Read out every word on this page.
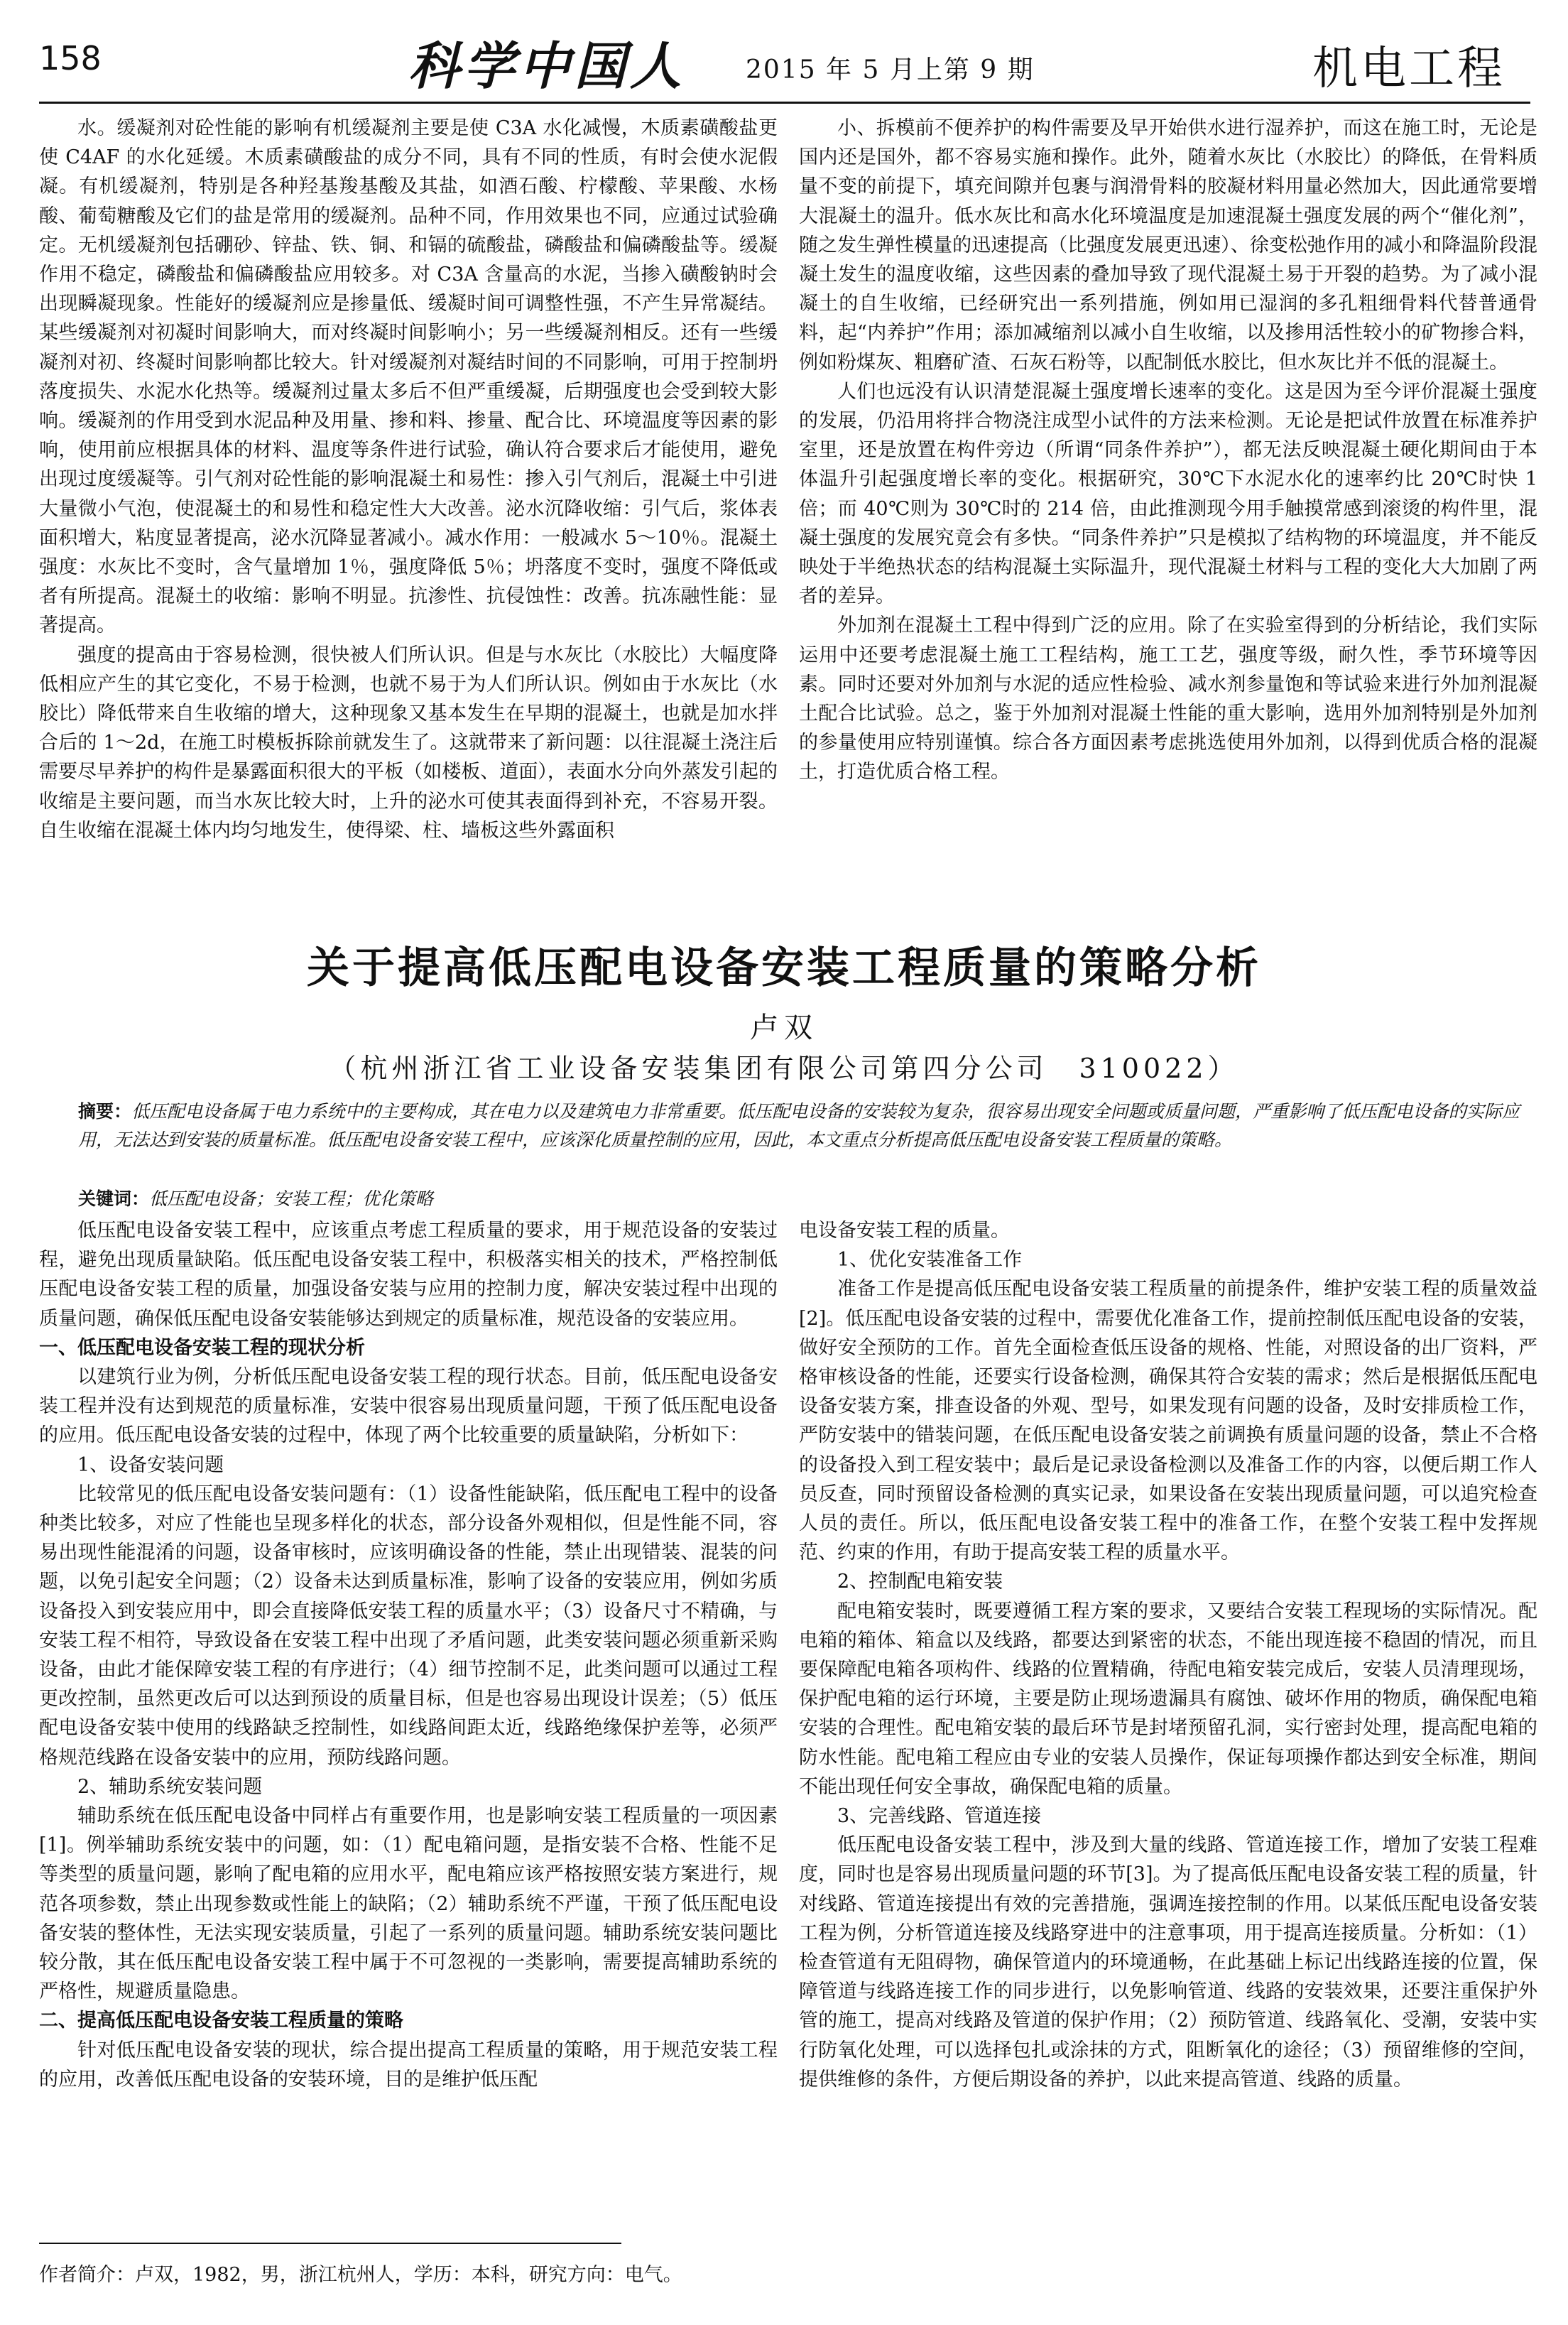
158	科学中国人 2015 年 5 月上第 9 期	机电工程

水。缓凝剂对砼性能的影响有机缓凝剂主要是使 C3A 水化减慢，木质素磺酸盐更使 C4AF 的水化延缓。木质素磺酸盐的成分不同，具有不同的性质，有时会使水泥假凝。有机缓凝剂，特别是各种羟基羧基酸及其盐，如酒石酸、柠檬酸、苹果酸、水杨酸、葡萄糖酸及它们的盐是常用的缓凝剂。品种不同，作用效果也不同，应通过试验确定。无机缓凝剂包括硼砂、锌盐、铁、铜、和镉的硫酸盐，磷酸盐和偏磷酸盐等。缓凝作用不稳定，磷酸盐和偏磷酸盐应用较多。对 C3A 含量高的水泥，当掺入磺酸钠时会出现瞬凝现象。性能好的缓凝剂应是掺量低、缓凝时间可调整性强，不产生异常凝结。某些缓凝剂对初凝时间影响大，而对终凝时间影响小；另一些缓凝剂相反。还有一些缓凝剂对初、终凝时间影响都比较大。针对缓凝剂对凝结时间的不同影响，可用于控制坍落度损失、水泥水化热等。缓凝剂过量太多后不但严重缓凝，后期强度也会受到较大影响。缓凝剂的作用受到水泥品种及用量、掺和料、掺量、配合比、环境温度等因素的影响，使用前应根据具体的材料、温度等条件进行试验，确认符合要求后才能使用，避免出现过度缓凝等。引气剂对砼性能的影响混凝土和易性：掺入引气剂后，混凝土中引进大量微小气泡，使混凝土的和易性和稳定性大大改善。泌水沉降收缩：引气后，浆体表面积增大，粘度显著提高，泌水沉降显著减小。减水作用：一般减水 5～10％。混凝土强度：水灰比不变时，含气量增加 1％，强度降低 5％；坍落度不变时，强度不降低或者有所提高。混凝土的收缩：影响不明显。抗渗性、抗侵蚀性：改善。抗冻融性能：显著提高。

强度的提高由于容易检测，很快被人们所认识。但是与水灰比（水胶比）大幅度降低相应产生的其它变化，不易于检测，也就不易于为人们所认识。例如由于水灰比（水胶比）降低带来自生收缩的增大，这种现象又基本发生在早期的混凝土，也就是加水拌合后的 1～2d，在施工时模板拆除前就发生了。这就带来了新问题：以往混凝土浇注后需要尽早养护的构件是暴露面积很大的平板（如楼板、道面），表面水分向外蒸发引起的收缩是主要问题，而当水灰比较大时，上升的泌水可使其表面得到补充，不容易开裂。自生收缩在混凝土体内均匀地发生，使得梁、柱、墙板这些外露面积

小、拆模前不便养护的构件需要及早开始供水进行湿养护，而这在施工时，无论是国内还是国外，都不容易实施和操作。此外，随着水灰比（水胶比）的降低，在骨料质量不变的前提下，填充间隙并包裹与润滑骨料的胶凝材料用量必然加大，因此通常要增大混凝土的温升。低水灰比和高水化环境温度是加速混凝土强度发展的两个“催化剂”，随之发生弹性模量的迅速提高（比强度发展更迅速）、徐变松弛作用的减小和降温阶段混凝土发生的温度收缩，这些因素的叠加导致了现代混凝土易于开裂的趋势。为了减小混凝土的自生收缩，已经研究出一系列措施，例如用已湿润的多孔粗细骨料代替普通骨料，起“内养护”作用；添加减缩剂以减小自生收缩，以及掺用活性较小的矿物掺合料，例如粉煤灰、粗磨矿渣、石灰石粉等，以配制低水胶比，但水灰比并不低的混凝土。

人们也远没有认识清楚混凝土强度增长速率的变化。这是因为至今评价混凝土强度的发展，仍沿用将拌合物浇注成型小试件的方法来检测。无论是把试件放置在标准养护室里，还是放置在构件旁边（所谓“同条件养护”），都无法反映混凝土硬化期间由于本体温升引起强度增长率的变化。根据研究，30℃下水泥水化的速率约比 20℃时快 1 倍；而 40℃则为 30℃时的 214 倍，由此推测现今用手触摸常感到滚烫的构件里，混凝土强度的发展究竟会有多快。“同条件养护”只是模拟了结构物的环境温度，并不能反映处于半绝热状态的结构混凝土实际温升，现代混凝土材料与工程的变化大大加剧了两者的差异。

外加剂在混凝土工程中得到广泛的应用。除了在实验室得到的分析结论，我们实际运用中还要考虑混凝土施工工程结构，施工工艺，强度等级，耐久性，季节环境等因素。同时还要对外加剂与水泥的适应性检验、减水剂参量饱和等试验来进行外加剂混凝土配合比试验。总之，鉴于外加剂对混凝土性能的重大影响，选用外加剂特别是外加剂的参量使用应特别谨慎。综合各方面因素考虑挑选使用外加剂，以得到优质合格的混凝土，打造优质合格工程。

关于提高低压配电设备安装工程质量的策略分析
卢双
（杭州浙江省工业设备安装集团有限公司第四分公司　310022）
摘要：低压配电设备属于电力系统中的主要构成，其在电力以及建筑电力非常重要。低压配电设备的安装较为复杂，很容易出现安全问题或质量问题，严重影响了低压配电设备的实际应用，无法达到安装的质量标准。低压配电设备安装工程中，应该深化质量控制的应用，因此，本文重点分析提高低压配电设备安装工程质量的策略。
关键词：低压配电设备；安装工程；优化策略

低压配电设备安装工程中，应该重点考虑工程质量的要求，用于规范设备的安装过程，避免出现质量缺陷。低压配电设备安装工程中，积极落实相关的技术，严格控制低压配电设备安装工程的质量，加强设备安装与应用的控制力度，解决安装过程中出现的质量问题，确保低压配电设备安装能够达到规定的质量标准，规范设备的安装应用。

一、低压配电设备安装工程的现状分析

以建筑行业为例，分析低压配电设备安装工程的现行状态。目前，低压配电设备安装工程并没有达到规范的质量标准，安装中很容易出现质量问题，干预了低压配电设备的应用。低压配电设备安装的过程中，体现了两个比较重要的质量缺陷，分析如下：

1、设备安装问题

比较常见的低压配电设备安装问题有：（1）设备性能缺陷，低压配电工程中的设备种类比较多，对应了性能也呈现多样化的状态，部分设备外观相似，但是性能不同，容易出现性能混淆的问题，设备审核时，应该明确设备的性能，禁止出现错装、混装的问题，以免引起安全问题；（2）设备未达到质量标准，影响了设备的安装应用，例如劣质设备投入到安装应用中，即会直接降低安装工程的质量水平；（3）设备尺寸不精确，与安装工程不相符，导致设备在安装工程中出现了矛盾问题，此类安装问题必须重新采购设备，由此才能保障安装工程的有序进行；（4）细节控制不足，此类问题可以通过工程更改控制，虽然更改后可以达到预设的质量目标，但是也容易出现设计误差；（5）低压配电设备安装中使用的线路缺乏控制性，如线路间距太近，线路绝缘保护差等，必须严格规范线路在设备安装中的应用，预防线路问题。

2、辅助系统安装问题

辅助系统在低压配电设备中同样占有重要作用，也是影响安装工程质量的一项因素[1]。例举辅助系统安装中的问题，如：（1）配电箱问题，是指安装不合格、性能不足等类型的质量问题，影响了配电箱的应用水平，配电箱应该严格按照安装方案进行，规范各项参数，禁止出现参数或性能上的缺陷；（2）辅助系统不严谨，干预了低压配电设备安装的整体性，无法实现安装质量，引起了一系列的质量问题。辅助系统安装问题比较分散，其在低压配电设备安装工程中属于不可忽视的一类影响，需要提高辅助系统的严格性，规避质量隐患。

二、提高低压配电设备安装工程质量的策略

针对低压配电设备安装的现状，综合提出提高工程质量的策略，用于规范安装工程的应用，改善低压配电设备的安装环境，目的是维护低压配

电设备安装工程的质量。

1、优化安装准备工作

准备工作是提高低压配电设备安装工程质量的前提条件，维护安装工程的质量效益[2]。低压配电设备安装的过程中，需要优化准备工作，提前控制低压配电设备的安装，做好安全预防的工作。首先全面检查低压设备的规格、性能，对照设备的出厂资料，严格审核设备的性能，还要实行设备检测，确保其符合安装的需求；然后是根据低压配电设备安装方案，排查设备的外观、型号，如果发现有问题的设备，及时安排质检工作，严防安装中的错装问题，在低压配电设备安装之前调换有质量问题的设备，禁止不合格的设备投入到工程安装中；最后是记录设备检测以及准备工作的内容，以便后期工作人员反查，同时预留设备检测的真实记录，如果设备在安装出现质量问题，可以追究检查人员的责任。所以，低压配电设备安装工程中的准备工作，在整个安装工程中发挥规范、约束的作用，有助于提高安装工程的质量水平。

2、控制配电箱安装

配电箱安装时，既要遵循工程方案的要求，又要结合安装工程现场的实际情况。配电箱的箱体、箱盒以及线路，都要达到紧密的状态，不能出现连接不稳固的情况，而且要保障配电箱各项构件、线路的位置精确，待配电箱安装完成后，安装人员清理现场，保护配电箱的运行环境，主要是防止现场遗漏具有腐蚀、破坏作用的物质，确保配电箱安装的合理性。配电箱安装的最后环节是封堵预留孔洞，实行密封处理，提高配电箱的防水性能。配电箱工程应由专业的安装人员操作，保证每项操作都达到安全标准，期间不能出现任何安全事故，确保配电箱的质量。

3、完善线路、管道连接

低压配电设备安装工程中，涉及到大量的线路、管道连接工作，增加了安装工程难度，同时也是容易出现质量问题的环节[3]。为了提高低压配电设备安装工程的质量，针对线路、管道连接提出有效的完善措施，强调连接控制的作用。以某低压配电设备安装工程为例，分析管道连接及线路穿进中的注意事项，用于提高连接质量。分析如：（1）检查管道有无阻碍物，确保管道内的环境通畅，在此基础上标记出线路连接的位置，保障管道与线路连接工作的同步进行，以免影响管道、线路的安装效果，还要注重保护外管的施工，提高对线路及管道的保护作用；（2）预防管道、线路氧化、受潮，安装中实行防氧化处理，可以选择包扎或涂抹的方式，阻断氧化的途径；（3）预留维修的空间，提供维修的条件，方便后期设备的养护，以此来提高管道、线路的质量。

作者简介：卢双，1982，男，浙江杭州人，学历：本科，研究方向：电气。
